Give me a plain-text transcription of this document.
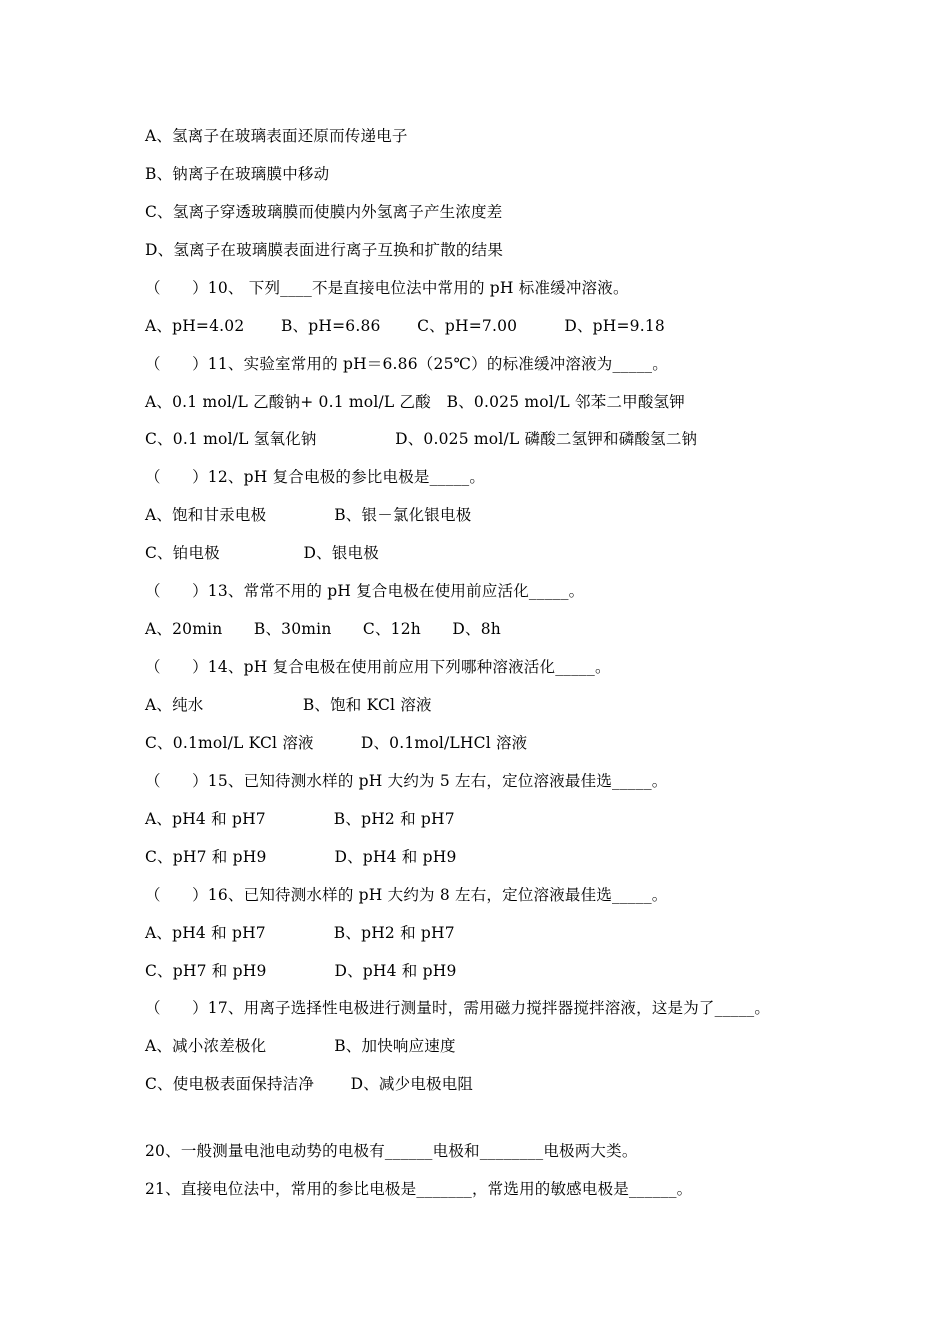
A、氢离子在玻璃表面还原而传递电子
B、钠离子在玻璃膜中移动
C、氢离子穿透玻璃膜而使膜内外氢离子产生浓度差
D、氢离子在玻璃膜表面进行离子互换和扩散的结果
（　　）10、 下列____不是直接电位法中常用的 pH 标准缓冲溶液。
A、pH=4.02　　 B、pH=6.86　　 C、pH=7.00　　　D、pH=9.18
（　　）11、实验室常用的 pH＝6.86（25℃）的标准缓冲溶液为_____。
A、0.1 mol/L 乙酸钠+ 0.1 mol/L 乙酸　B、0.025 mol/L 邻苯二甲酸氢钾
C、0.1 mol/L 氢氧化钠　　　　　D、0.025 mol/L 磷酸二氢钾和磷酸氢二钠
（　　）12、pH 复合电极的参比电极是_____。
A、饱和甘汞电极　　　　 B、银－氯化银电极
C、铂电极　　　　　 D、银电极
（　　）13、常常不用的 pH 复合电极在使用前应活化_____。
A、20min　　B、30min　　C、12h　　D、8h
（　　）14、pH 复合电极在使用前应用下列哪种溶液活化_____。
A、纯水　　　　　　 B、饱和 KCl 溶液
C、0.1mol/L KCl 溶液　　　D、0.1mol/LHCl 溶液
（　　）15、已知待测水样的 pH 大约为 5 左右，定位溶液最佳选_____。
A、pH4 和 pH7　　　　 B、pH2 和 pH7
C、pH7 和 pH9　　　　 D、pH4 和 pH9
（　　）16、已知待测水样的 pH 大约为 8 左右，定位溶液最佳选_____。
A、pH4 和 pH7　　　　 B、pH2 和 pH7
C、pH7 和 pH9　　　　 D、pH4 和 pH9
（　　）17、用离子选择性电极进行测量时，需用磁力搅拌器搅拌溶液，这是为了_____。
A、减小浓差极化　　　　 B、加快响应速度
C、使电极表面保持洁净　　 D、减少电极电阻
20、一般测量电池电动势的电极有______电极和________电极两大类。
21、直接电位法中，常用的参比电极是_______，常选用的敏感电极是______。
